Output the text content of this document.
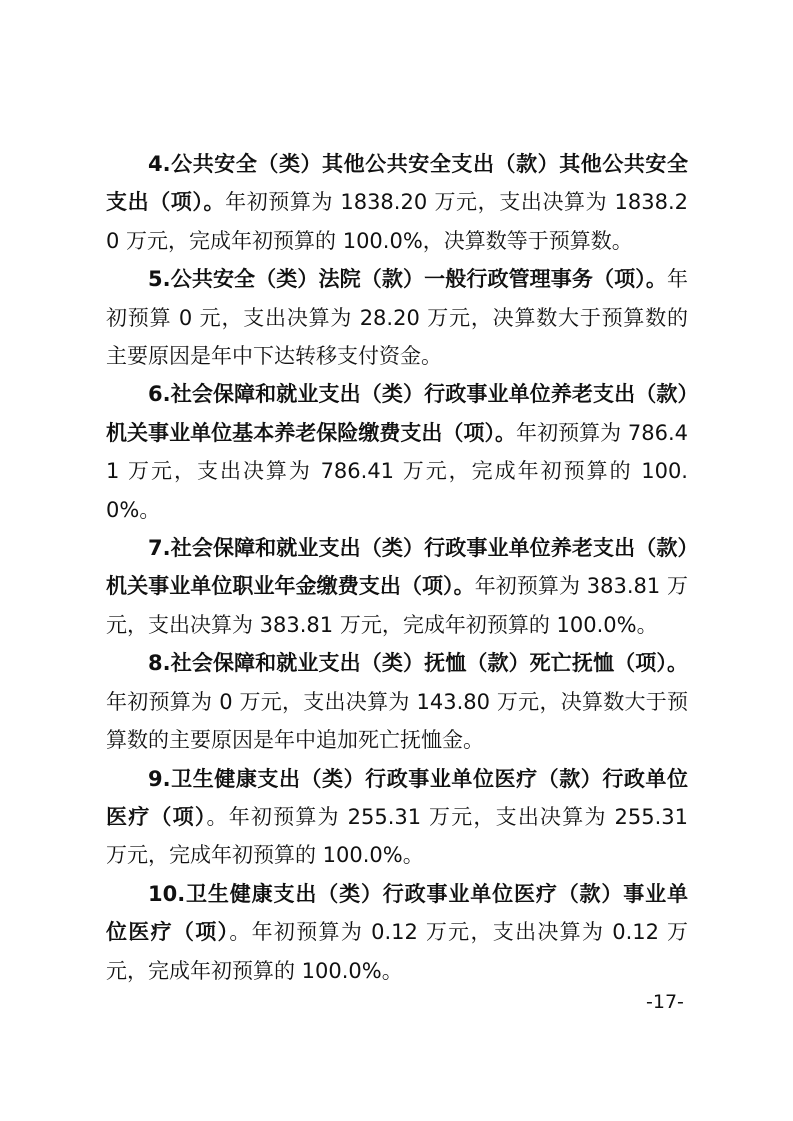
4.公共安全（类）其他公共安全支出（款）其他公共安全支出（项）。年初预算为 1838.20 万元，支出决算为 1838.20 万元，完成年初预算的 100.0%，决算数等于预算数。

5.公共安全（类）法院（款）一般行政管理事务（项）。年初预算 0 元，支出决算为 28.20 万元，决算数大于预算数的主要原因是年中下达转移支付资金。

6.社会保障和就业支出（类）行政事业单位养老支出（款）机关事业单位基本养老保险缴费支出（项）。年初预算为 786.41 万元，支出决算为 786.41 万元，完成年初预算的 100.0%。

7.社会保障和就业支出（类）行政事业单位养老支出（款）机关事业单位职业年金缴费支出（项）。年初预算为 383.81 万元，支出决算为 383.81 万元，完成年初预算的 100.0%。

8.社会保障和就业支出（类）抚恤（款）死亡抚恤（项）。年初预算为 0 万元，支出决算为 143.80 万元，决算数大于预算数的主要原因是年中追加死亡抚恤金。

9.卫生健康支出（类）行政事业单位医疗（款）行政单位医疗（项）。年初预算为 255.31 万元，支出决算为 255.31 万元，完成年初预算的 100.0%。

10.卫生健康支出（类）行政事业单位医疗（款）事业单位医疗（项）。年初预算为 0.12 万元，支出决算为 0.12 万元，完成年初预算的 100.0%。

-17-
